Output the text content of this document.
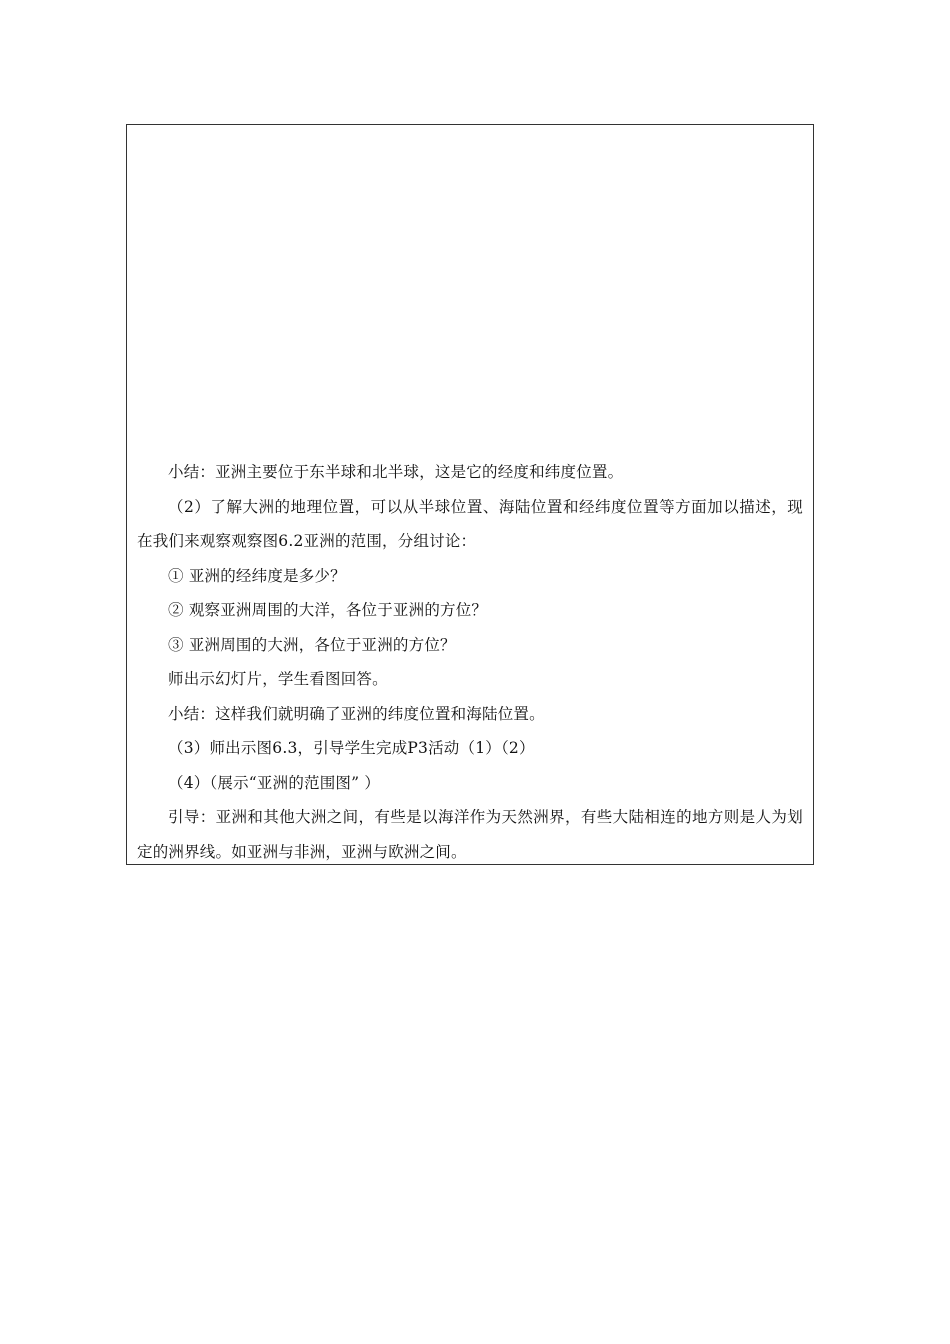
小结：亚洲主要位于东半球和北半球，这是它的经度和纬度位置。

（2）了解大洲的地理位置，可以从半球位置、海陆位置和经纬度位置等方面加以描述，现在我们来观察观察图6.2亚洲的范围，分组讨论：

① 亚洲的经纬度是多少？

② 观察亚洲周围的大洋，各位于亚洲的方位？

③ 亚洲周围的大洲，各位于亚洲的方位？

师出示幻灯片，学生看图回答。

小结：这样我们就明确了亚洲的纬度位置和海陆位置。

（3）师出示图6.3，引导学生完成P3活动（1）（2）

（4）（展示“亚洲的范围图” ）

引导：亚洲和其他大洲之间，有些是以海洋作为天然洲界，有些大陆相连的地方则是人为划定的洲界线。如亚洲与非洲，亚洲与欧洲之间。
